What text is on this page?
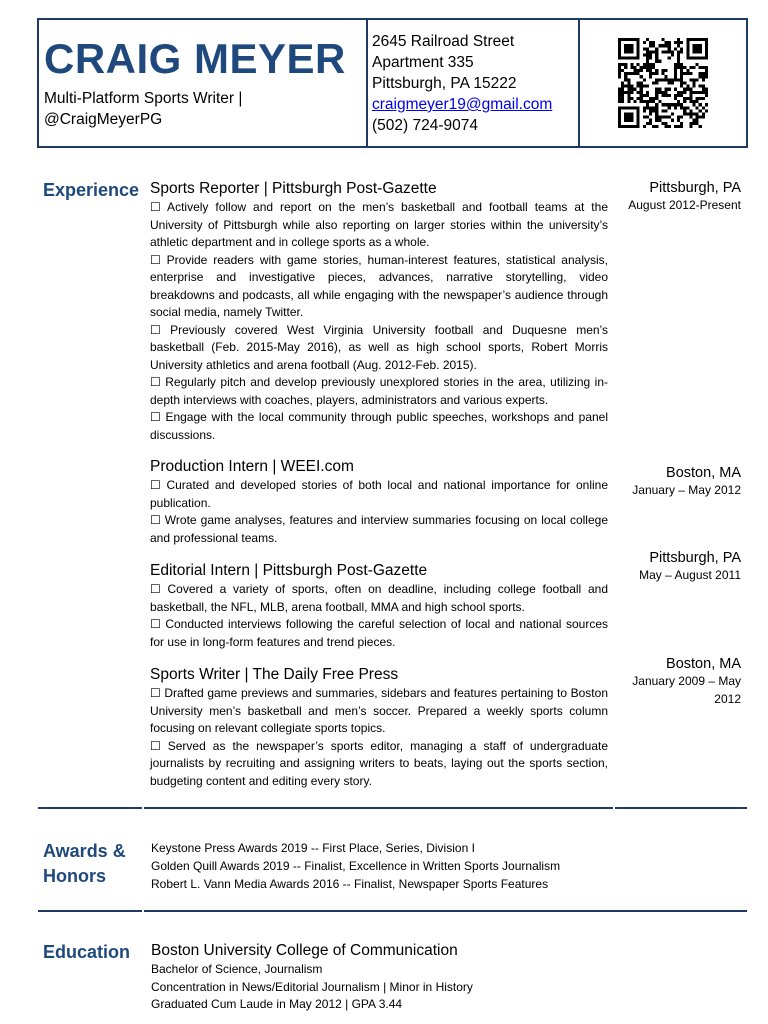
CRAIG MEYER
Multi-Platform Sports Writer |
@CraigMeyerPG
2645 Railroad Street
Apartment 335
Pittsburgh, PA 15222
craigmeyer19@gmail.com
(502) 724-9074
Experience Sports Reporter | Pittsburgh Post-Gazette
☐ Actively follow and report on the men’s basketball and football teams at the University of Pittsburgh while also reporting on larger stories within the university’s athletic department and in college sports as a whole.
☐ Provide readers with game stories, human-interest features, statistical analysis, enterprise and investigative pieces, advances, narrative storytelling, video breakdowns and podcasts, all while engaging with the newspaper’s audience through social media, namely Twitter.
☐ Previously covered West Virginia University football and Duquesne men’s basketball (Feb. 2015-May 2016), as well as high school sports, Robert Morris University athletics and arena football (Aug. 2012-Feb. 2015).
☐ Regularly pitch and develop previously unexplored stories in the area, utilizing in-depth interviews with coaches, players, administrators and various experts.
☐ Engage with the local community through public speeches, workshops and panel discussions.
Pittsburgh, PA
August 2012-Present
Production Intern | WEEI.com
☐ Curated and developed stories of both local and national importance for online publication.
☐ Wrote game analyses, features and interview summaries focusing on local college and professional teams.
Boston, MA
January – May 2012
Editorial Intern | Pittsburgh Post-Gazette
☐ Covered a variety of sports, often on deadline, including college football and basketball, the NFL, MLB, arena football, MMA and high school sports.
☐ Conducted interviews following the careful selection of local and national sources for use in long-form features and trend pieces.
Pittsburgh, PA
May – August 2011
Sports Writer | The Daily Free Press
☐ Drafted game previews and summaries, sidebars and features pertaining to Boston University men’s basketball and men’s soccer. Prepared a weekly sports column focusing on relevant collegiate sports topics.
☐ Served as the newspaper’s sports editor, managing a staff of undergraduate journalists by recruiting and assigning writers to beats, laying out the sports section, budgeting content and editing every story.
Boston, MA
January 2009 – May
2012
Awards &
Honors
Keystone Press Awards 2019 -- First Place, Series, Division I
Golden Quill Awards 2019 -- Finalist, Excellence in Written Sports Journalism
Robert L. Vann Media Awards 2016 -- Finalist, Newspaper Sports Features
Education Boston University College of Communication
Bachelor of Science, Journalism
Concentration in News/Editorial Journalism | Minor in History
Graduated Cum Laude in May 2012 | GPA 3.44
